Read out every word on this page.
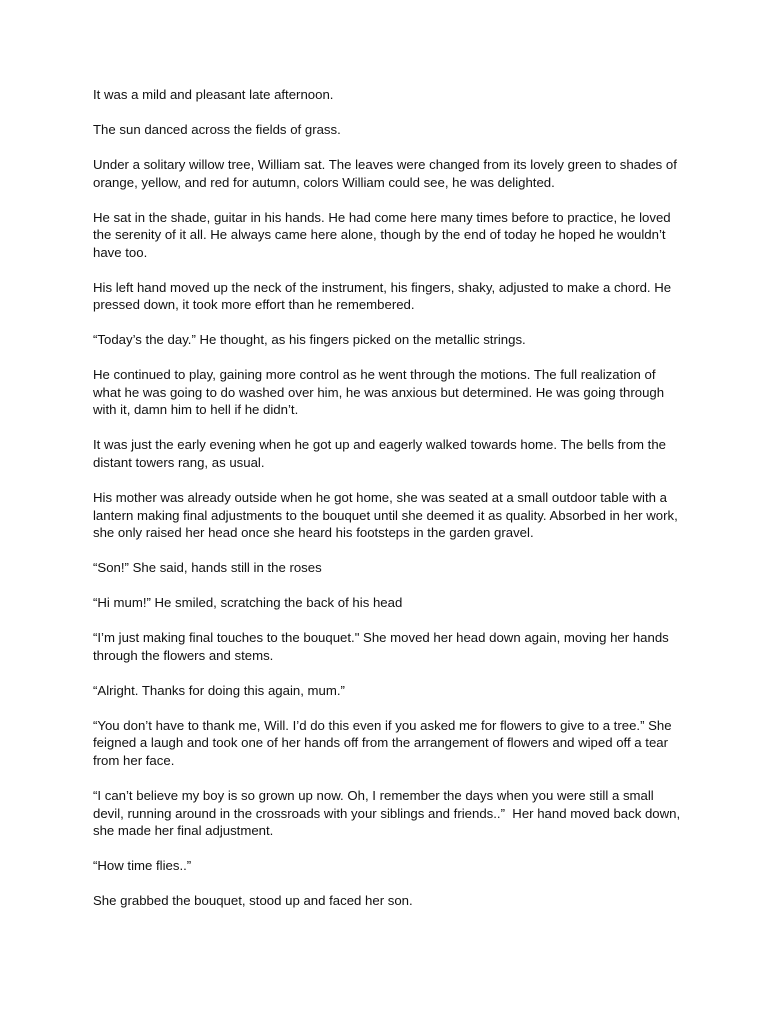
It was a mild and pleasant late afternoon.

The sun danced across the fields of grass.

Under a solitary willow tree, William sat. The leaves were changed from its lovely green to shades of orange, yellow, and red for autumn, colors William could see, he was delighted.

He sat in the shade, guitar in his hands. He had come here many times before to practice, he loved the serenity of it all. He always came here alone, though by the end of today he hoped he wouldn’t have too.

His left hand moved up the neck of the instrument, his fingers, shaky, adjusted to make a chord. He pressed down, it took more effort than he remembered.

“Today’s the day.” He thought, as his fingers picked on the metallic strings.

He continued to play, gaining more control as he went through the motions. The full realization of  what he was going to do washed over him, he was anxious but determined. He was going through with it, damn him to hell if he didn’t.

It was just the early evening when he got up and eagerly walked towards home. The bells from the distant towers rang, as usual.

His mother was already outside when he got home, she was seated at a small outdoor table with a lantern making final adjustments to the bouquet until she deemed it as quality. Absorbed in her work, she only raised her head once she heard his footsteps in the garden gravel.

“Son!” She said, hands still in the roses

“Hi mum!” He smiled, scratching the back of his head

“I’m just making final touches to the bouquet." She moved her head down again, moving her hands through the flowers and stems.

“Alright. Thanks for doing this again, mum.”

“You don’t have to thank me, Will. I’d do this even if you asked me for flowers to give to a tree.” She feigned a laugh and took one of her hands off from the arrangement of flowers and wiped off a tear from her face.

“I can’t believe my boy is so grown up now. Oh, I remember the days when you were still a small devil, running around in the crossroads with your siblings and friends..”  Her hand moved back down, she made her final adjustment.

“How time flies..”

She grabbed the bouquet, stood up and faced her son.
